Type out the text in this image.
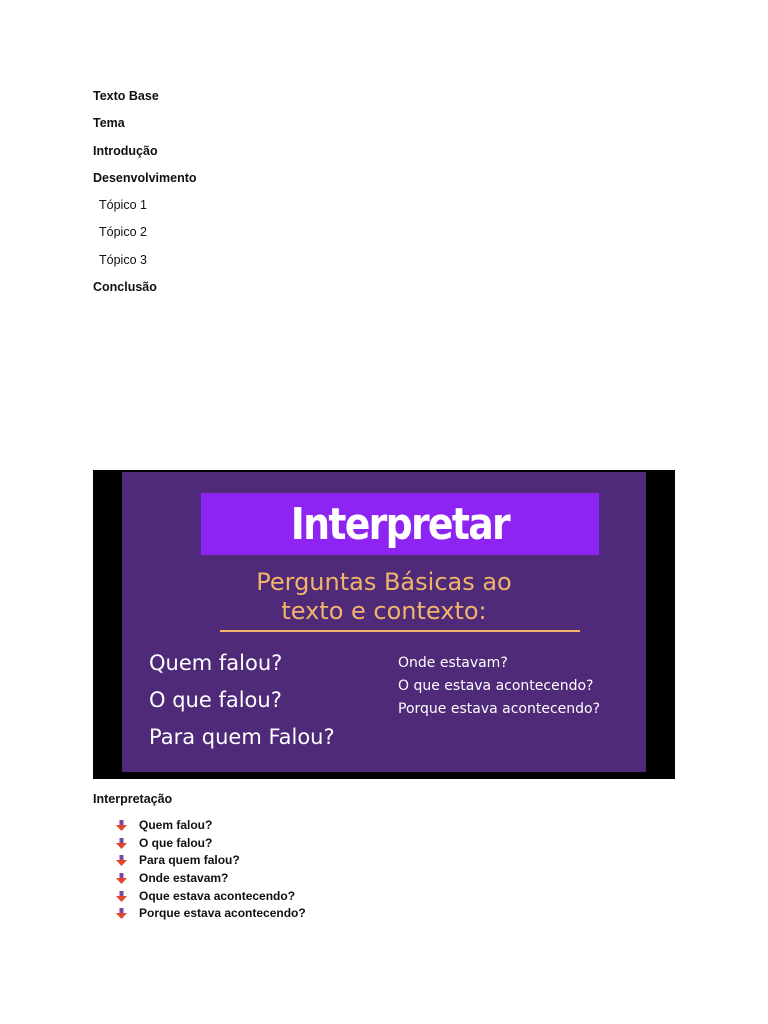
Texto Base
Tema
Introdução
Desenvolvimento
Tópico 1
Tópico 2
Tópico 3
Conclusão
Interpretar
Perguntas Básicas ao
texto e contexto:
Quem falou?
O que falou?
Para quem Falou?
Onde estavam?
O que estava acontecendo?
Porque estava acontecendo?
Interpretação
Quem falou?
O que falou?
Para quem falou?
Onde estavam?
Oque estava acontecendo?
Porque estava acontecendo?
